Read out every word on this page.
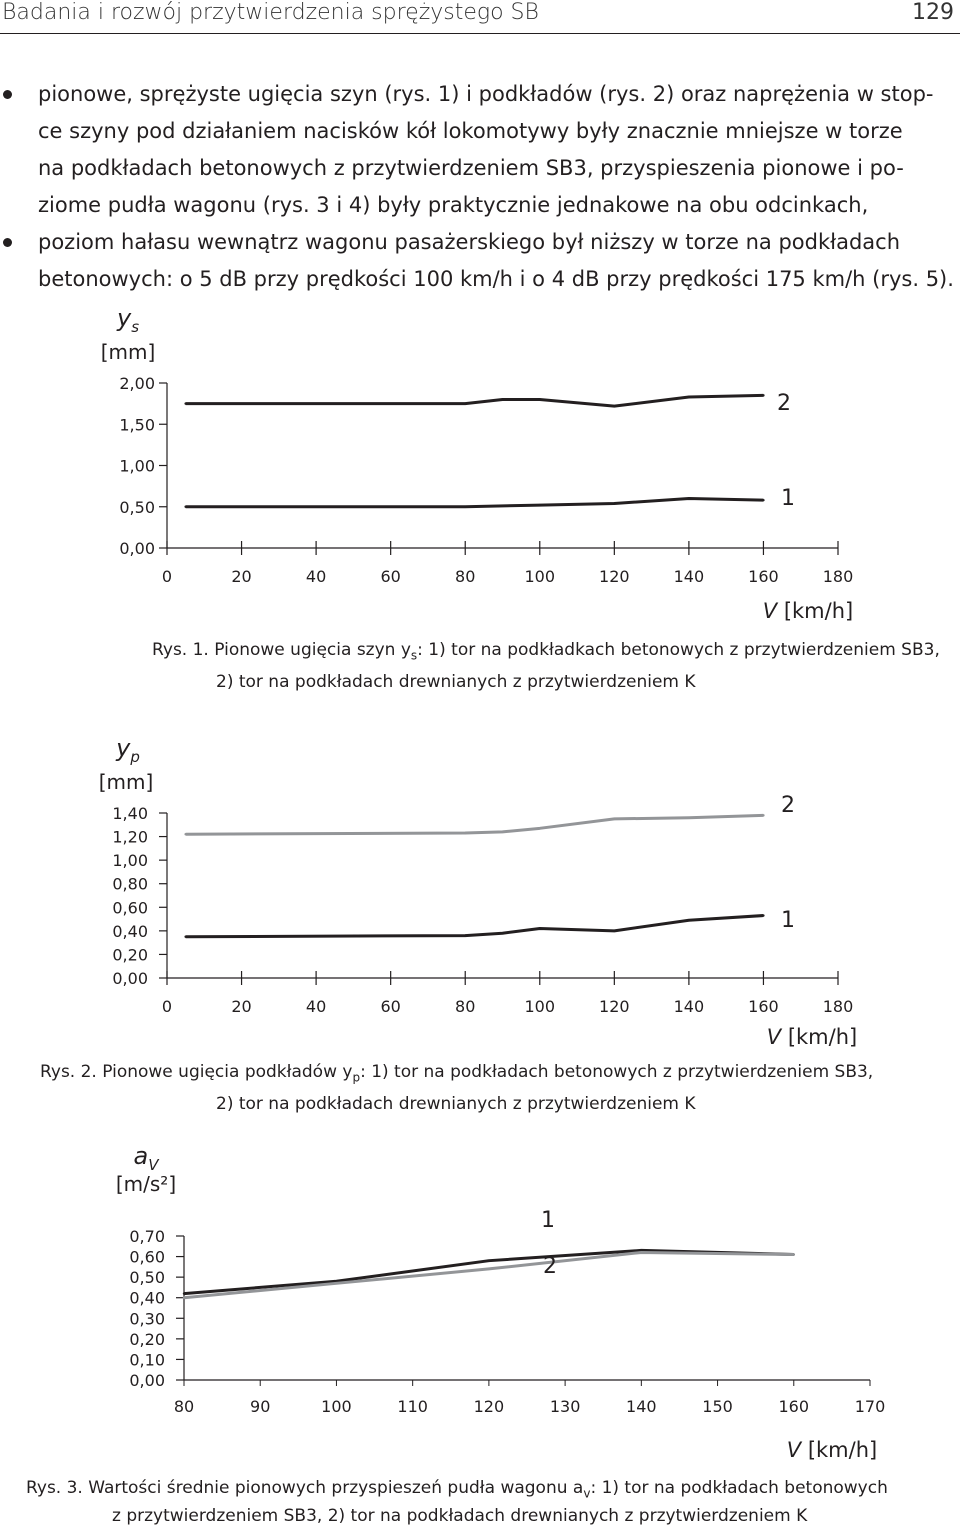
Badania i rozwój przytwierdzenia sprężystego SB	129
pionowe, sprężyste ugięcia szyn (rys. 1) i podkładów (rys. 2) oraz naprężenia w stop-
ce szyny pod działaniem nacisków kół lokomotywy były znacznie mniejsze w torze
na podkładach betonowych z przytwierdzeniem SB3, przyspieszenia pionowe i po-
ziome pudła wagonu (rys. 3 i 4) były praktycznie jednakowe na obu odcinkach,
poziom hałasu wewnątrz wagonu pasażerskiego był niższy w torze na podkładach
betonowych: o 5 dB przy prędkości 100 km/h i o 4 dB przy prędkości 175 km/h (rys. 5).
$y_s$
[mm]
0,00
0,50
1,00
1,50
2,00
0	20	40	60	80	100	120	140	160	180
V [km/h]
2
1
Rys. 1. Pionowe ugięcia szyn $y_s$: 1) tor na podkładkach betonowych z przytwierdzeniem SB3,
2) tor na podkładach drewnianych z przytwierdzeniem K
$y_p$
[mm]
0,00
0,20
0,40
0,60
0,80
1,00
1,20
1,40
0	20	40	60	80	100	120	140	160	180
V [km/h]
2
1
Rys. 2. Pionowe ugięcia podkładów $y_p$: 1) tor na podkładach betonowych z przytwierdzeniem SB3,
2) tor na podkładach drewnianych z przytwierdzeniem K
$a_V$
[m/s²]
0,00
0,10
0,20
0,30
0,40
0,50
0,60
0,70
80	90	100	110	120	130	140	150	160	170
V [km/h]
1
2
Rys. 3. Wartości średnie pionowych przyspieszeń pudła wagonu $a_v$: 1) tor na podkładach betonowych
z przytwierdzeniem SB3, 2) tor na podkładach drewnianych z przytwierdzeniem K
